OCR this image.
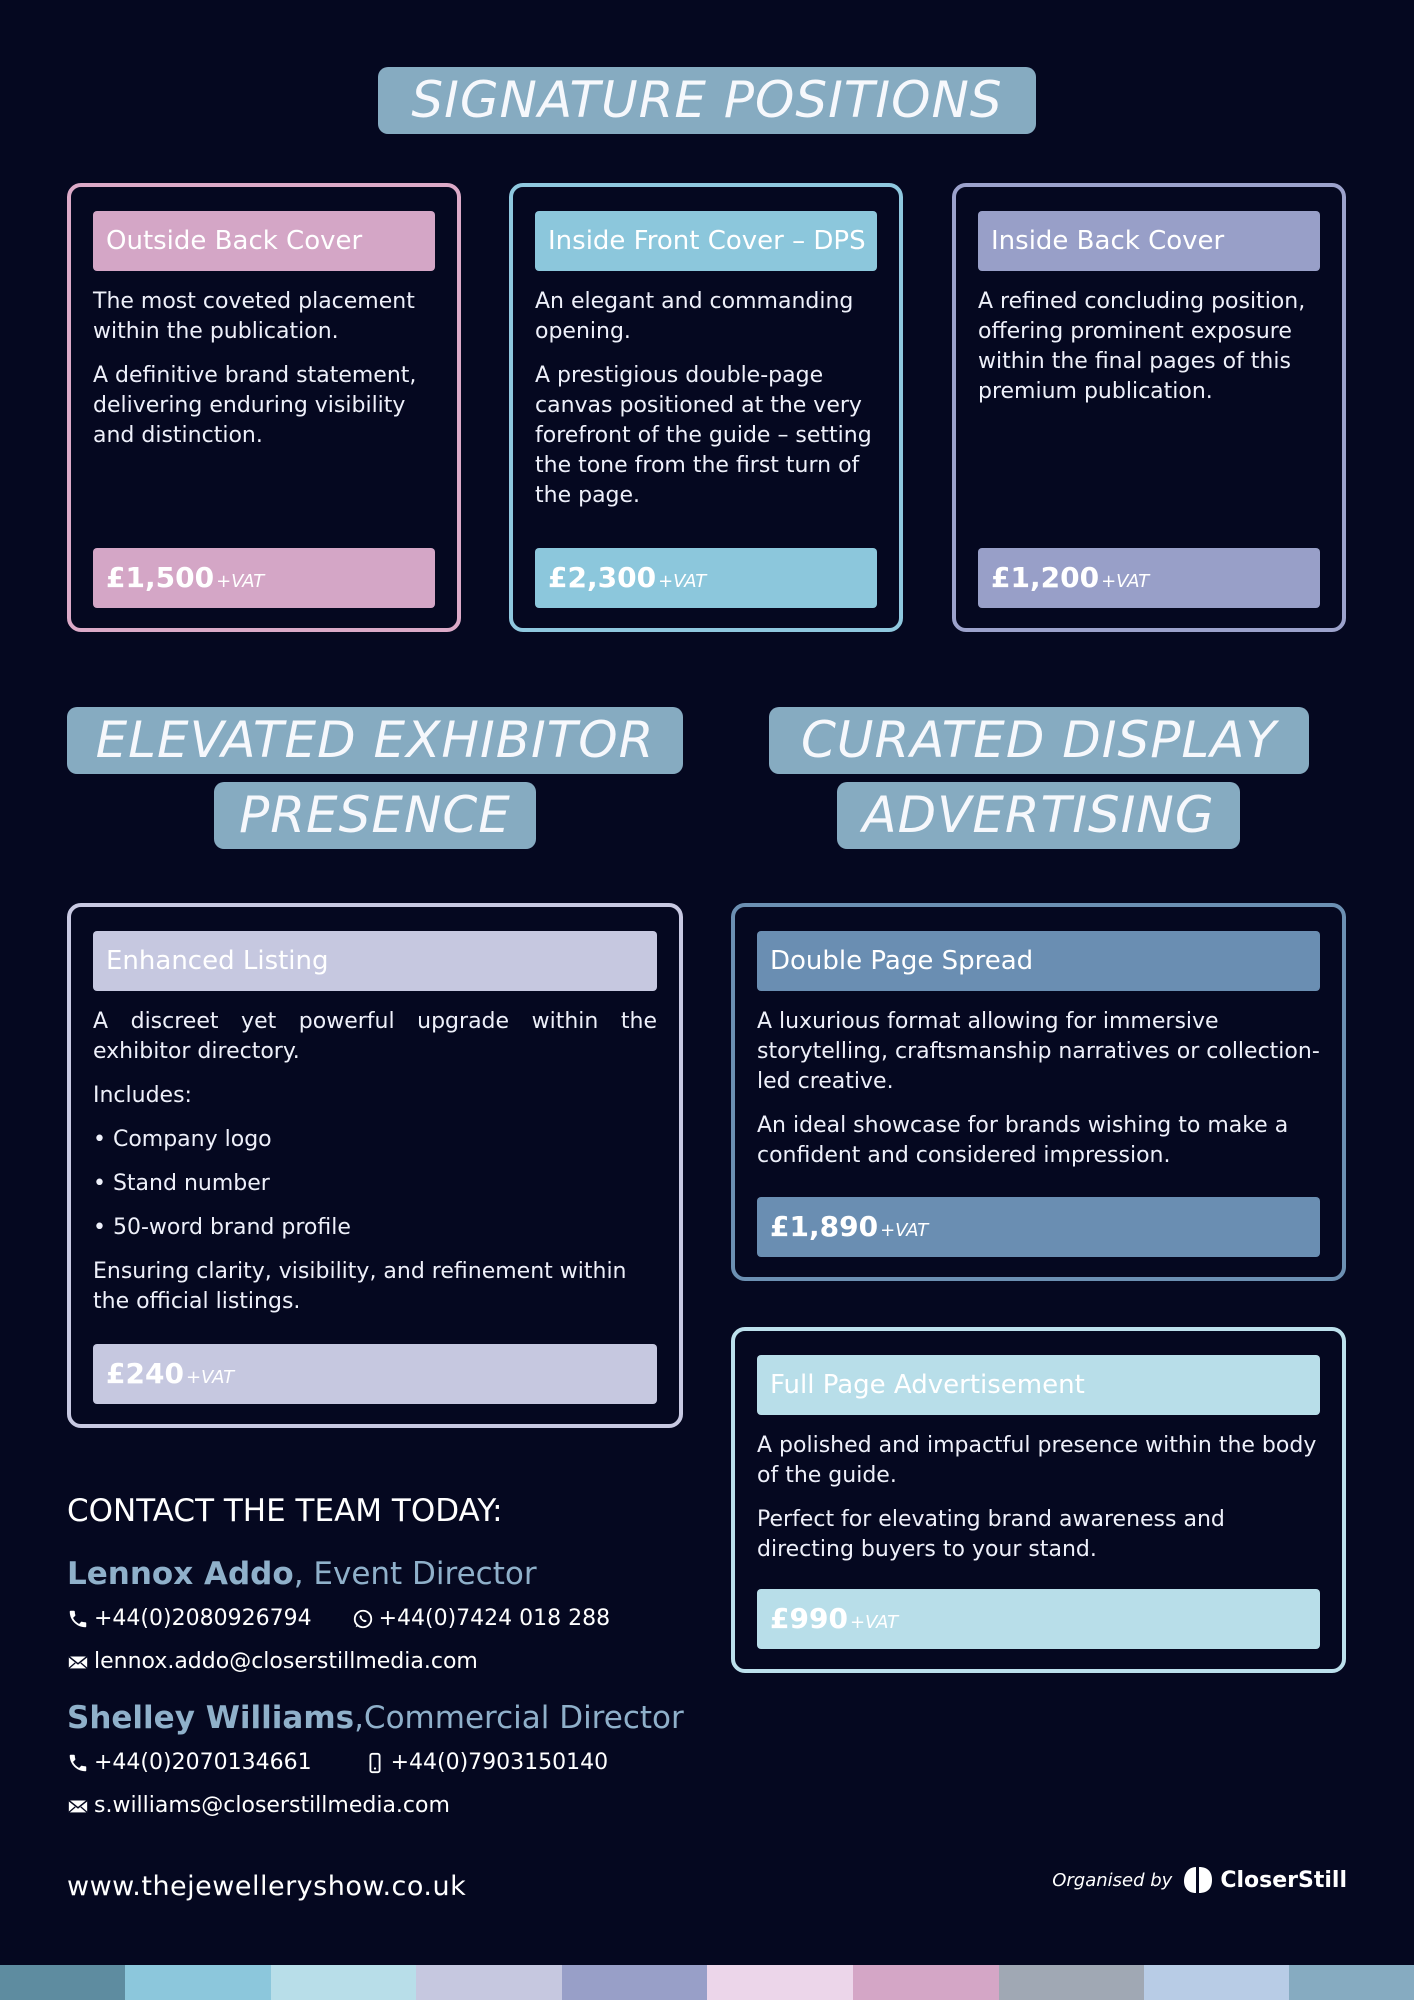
SIGNATURE POSITIONS
Outside Back Cover

The most coveted placement within the publication.

A definitive brand statement, delivering enduring visibility and distinction.

£1,500 +VAT
Inside Front Cover – DPS

An elegant and commanding opening.

A prestigious double-page canvas positioned at the very forefront of the guide – setting the tone from the first turn of the page.

£2,300 +VAT
Inside Back Cover

A refined concluding position, offering prominent exposure within the final pages of this premium publication.

£1,200 +VAT
ELEVATED EXHIBITOR
PRESENCE
CURATED DISPLAY
ADVERTISING
Enhanced Listing

A discreet yet powerful upgrade within the exhibitor directory.

Includes:

• Company logo

• Stand number

• 50-word brand profile

Ensuring clarity, visibility, and refinement within the official listings.

£240 +VAT
Double Page Spread

A luxurious format allowing for immersive storytelling, craftsmanship narratives or collection-led creative.

An ideal showcase for brands wishing to make a confident and considered impression.

£1,890 +VAT
Full Page Advertisement

A polished and impactful presence within the body of the guide.

Perfect for elevating brand awareness and directing buyers to your stand.

£990 +VAT
CONTACT THE TEAM TODAY:
Lennox Addo, Event Director
+44(0)2080926794	+44(0)7424 018 288
lennox.addo@closerstillmedia.com
Shelley Williams,Commercial Director
+44(0)2070134661	+44(0)7903150140
s.williams@closerstillmedia.com
www.thejewelleryshow.co.uk	Organised by CloserStill
